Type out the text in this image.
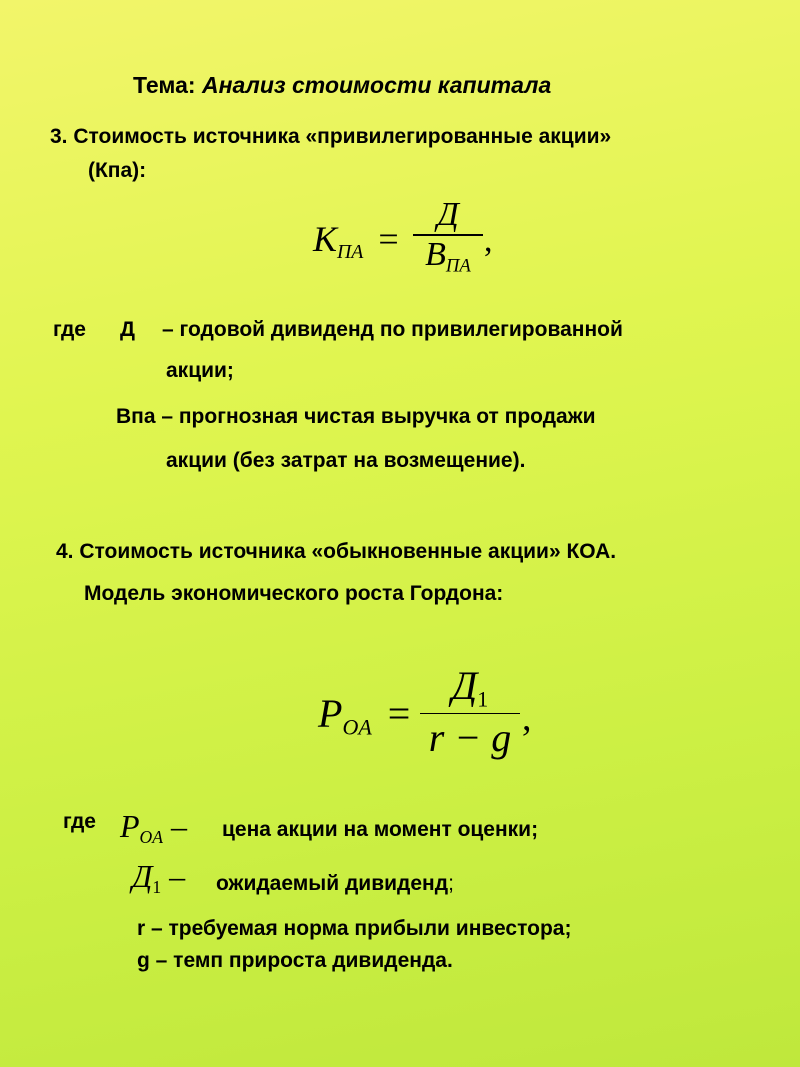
Тема: Анализ стоимости капитала
3. Стоимость источника «привилегированные акции»
(Кпа):
$K_{ПА}$ =
Д
$B_{ПА}$
,
где Д – годовой дивиденд по привилегированной
акции;
Впа – прогнозная чистая выручка от продажи
акции (без затрат на возмещение).
4. Стоимость источника «обыкновенные акции» КОА.
Модель экономического роста Гордона:
$P_{OA}$ =
$Д_1$
r − g ,
где $P_{OA}$ – цена акции на момент оценки;
$Д_1$ – ожидаемый дивиденд;
r – требуемая норма прибыли инвестора;
g – темп прироста дивиденда.
